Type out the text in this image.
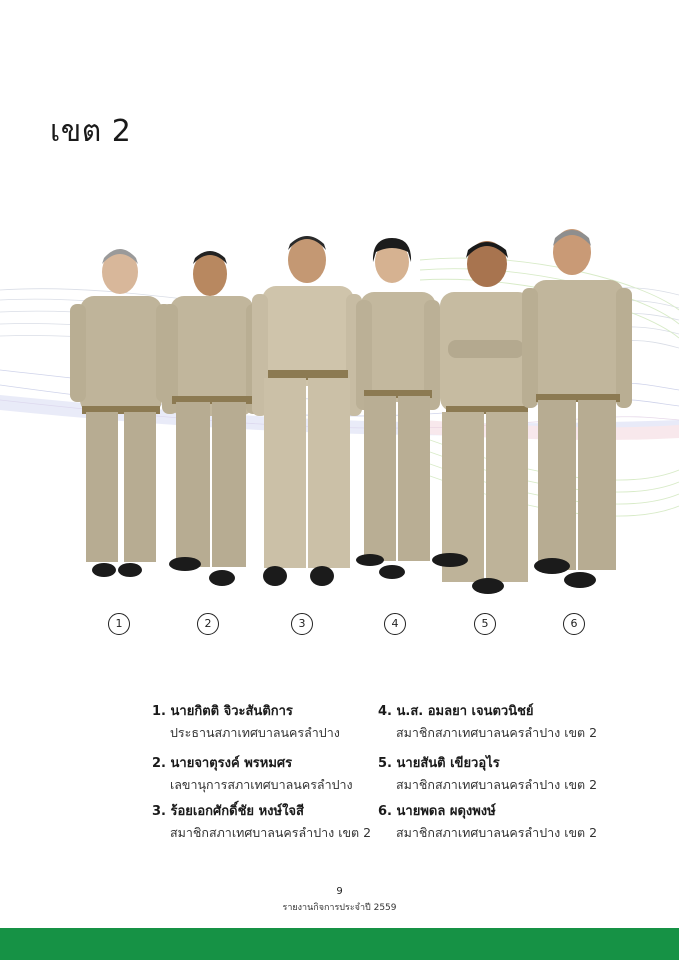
เขต 2
1	2	3	4	5	6
1. นายกิตติ จิวะสันติการ
ประธานสภาเทศบาลนครลำปาง
2. นายจาตุรงค์ พรหมศร
เลขานุการสภาเทศบาลนครลำปาง
3. ร้อยเอกศักดิ์ชัย หงษ์ใจสี
สมาชิกสภาเทศบาลนครลำปาง เขต 2
4. น.ส. อมลยา เจนตวนิชย์
สมาชิกสภาเทศบาลนครลำปาง เขต 2
5. นายสันติ เขียวอุไร
สมาชิกสภาเทศบาลนครลำปาง เขต 2
6. นายพดล ผดุงพงษ์
สมาชิกสภาเทศบาลนครลำปาง เขต 2
9
รายงานกิจการประจำปี 2559
